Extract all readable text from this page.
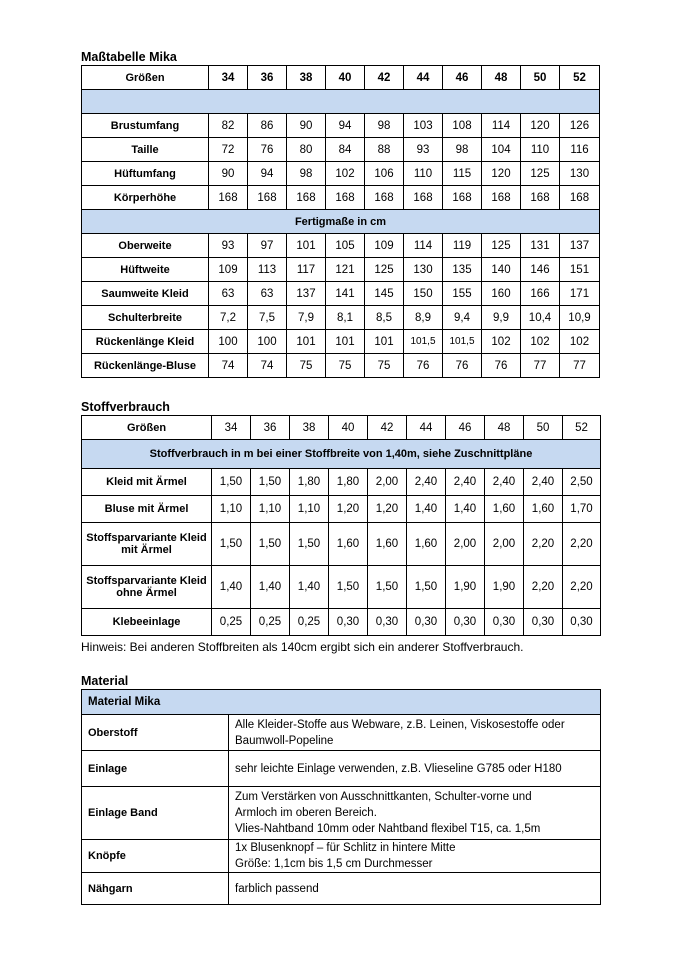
Maßtabelle Mika
Größen	34	36	38	40	42	44	46	48	50	52

Brustumfang	82	86	90	94	98	103	108	114	120	126
Taille	72	76	80	84	88	93	98	104	110	116
Hüftumfang	90	94	98	102	106	110	115	120	125	130
Körperhöhe	168	168	168	168	168	168	168	168	168	168
Fertigmaße in cm										
Oberweite	93	97	101	105	109	114	119	125	131	137
Hüftweite	109	113	117	121	125	130	135	140	146	151
Saumweite Kleid	63	63	137	141	145	150	155	160	166	171
Schulterbreite	7,2	7,5	7,9	8,1	8,5	8,9	9,4	9,9	10,4	10,9
Rückenlänge Kleid	100	100	101	101	101	101,5	101,5	102	102	102
Rückenlänge-Bluse	74	74	75	75	75	76	76	76	77	77
Stoffverbrauch
Größen	34	36	38	40	42	44	46	48	50	52
Stoffverbrauch in m bei einer Stoffbreite von 1,40m, siehe Zuschnittpläne										
Kleid mit Ärmel	1,50	1,50	1,80	1,80	2,00	2,40	2,40	2,40	2,40	2,50
Bluse mit Ärmel	1,10	1,10	1,10	1,20	1,20	1,40	1,40	1,60	1,60	1,70
Stoffsparvariante Kleid mit Ärmel	1,50	1,50	1,50	1,60	1,60	1,60	2,00	2,00	2,20	2,20
Stoffsparvariante Kleid ohne Ärmel	1,40	1,40	1,40	1,50	1,50	1,50	1,90	1,90	2,20	2,20
Klebeeinlage	0,25	0,25	0,25	0,30	0,30	0,30	0,30	0,30	0,30	0,30
Hinweis: Bei anderen Stoffbreiten als 140cm ergibt sich ein anderer Stoffverbrauch.
Material
Material Mika	
Oberstoff	Alle Kleider-Stoffe aus Webware, z.B. Leinen, Viskosestoffe oder
Baumwoll-Popeline

Einlage	sehr leichte Einlage verwenden, z.B. Vlieseline G785 oder H180

Einlage Band	Zum Verstärken von Ausschnittkanten, Schulter-vorne und
Armloch im oberen Bereich.
Vlies-Nahtband 10mm oder Nahtband flexibel T15, ca. 1,5m

Knöpfe	1x Blusenknopf – für Schlitz in hintere Mitte
Größe: 1,1cm bis 1,5 cm Durchmesser

Nähgarn	farblich passend
